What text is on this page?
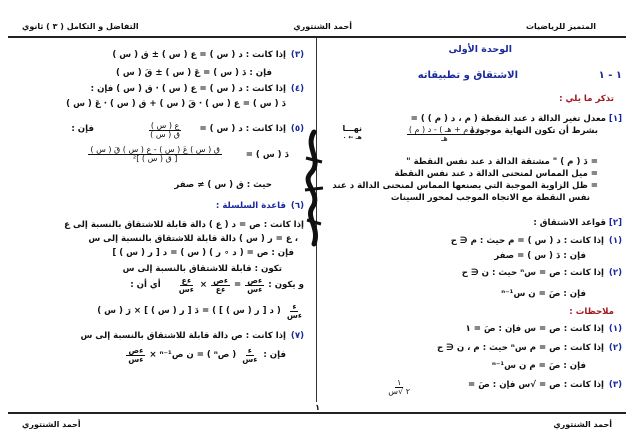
المتميز للرياضيات
أحمد الشنتوري
التفاضل و التكامل ( ٣ ) ثانوي
الوحدة الأولى
١ - ١
الاشتقاق و تطبيقاته
تذكر ما يلي :
[١]
معدل تغير الدالة د عند النقطة ( م ، د ( م ) ) =
بشرط أن تكون النهاية موجودة
$\frac{\text{د ( م + هـ ) - د ( م )}}{\text{هـ}}$
نهـــا
هـ ← ٠
= دَ ( م ) " مشتقة الدالة د عند نفس النقطة "
= ميل المماس لمنحنى الدالة د عند نفس النقطة
= ظل الزاوية الموجبة التي يصنعها المماس لمنحنى الدالة د عند
نفس النقطة مع الاتجاه الموجب لمحور السينات
[٢]
قواعد الاشتقاق :
(١)
إذا كانت : د ( س ) = م حيث : م ∈ ح
فإن : دَ ( س ) = صفر
(٢)
إذا كانت : ص = سⁿ حيث : ن ∈ ح
فإن : صَ = ن سⁿ⁻¹
ملاحظات :
(١)
إذا كانت : ص = س فإن : صَ = ١
(٢)
إذا كانت : ص = م سⁿ حيث : م ، ن ∈ ح
فإن : صَ = م ن سⁿ⁻¹
(٣)
إذا كانت : ص = √س فإن : صَ =
$\frac{١}{\text{٢ √س}}$
(٣)
إذا كانت : د ( س ) = ع ( س ) ± ق ( س )
فإن : دَ ( س ) = عَ ( س ) ± قَ ( س )
(٤)
إذا كانت : د ( س ) = ع ( س ) · ق ( س ) فإن :
دَ ( س ) = ع ( س ) · قَ ( س ) + ق ( س ) · عَ ( س )
(٥)
إذا كانت : د ( س ) =
$\frac{\text{ع ( س )}}{\text{ق ( س )}}$
فإن :
دَ ( س ) =
$\frac{\text{ق ( س ) عَ ( س ) - ع ( س ) قَ ( س )}}{\text{[ ق ( س ) ]²}}$
حيث : ق ( س ) ≠ صفر
(٦)
قاعدة السلسلة :
إذا كانت : ص = د ( ع ) دالة قابلة للاشتقاق بالنسبة إلى ع
، ع = ر ( س ) دالة قابلة للاشتقاق بالنسبة إلى س
فإن : ص = ( د ∘ ر ) ( س ) = د [ ر ( س ) ]
تكون : قابلة للاشتقاق بالنسبة إلى س
و يكون :
$\frac{\text{ءص}}{\text{ءس}}$
=
$\frac{\text{ءص}}{\text{ءع}}$
×
$\frac{\text{ءع}}{\text{ءس}}$
أي أن :
$\frac{\text{ء}}{\text{ءس}}$
( د [ ر ( س ) ] ) = دَ [ ر ( س ) ] × رَ ( س )
(٧)
إذا كانت : ص دالة قابلة للاشتقاق بالنسبة إلى س
فإن :
$\frac{\text{ء}}{\text{ءس}}$
( صⁿ ) = ن صⁿ⁻¹ ×
$\frac{\text{ءص}}{\text{ءس}}$
١
أحمد الشنتوري
أحمد الشنتوري
